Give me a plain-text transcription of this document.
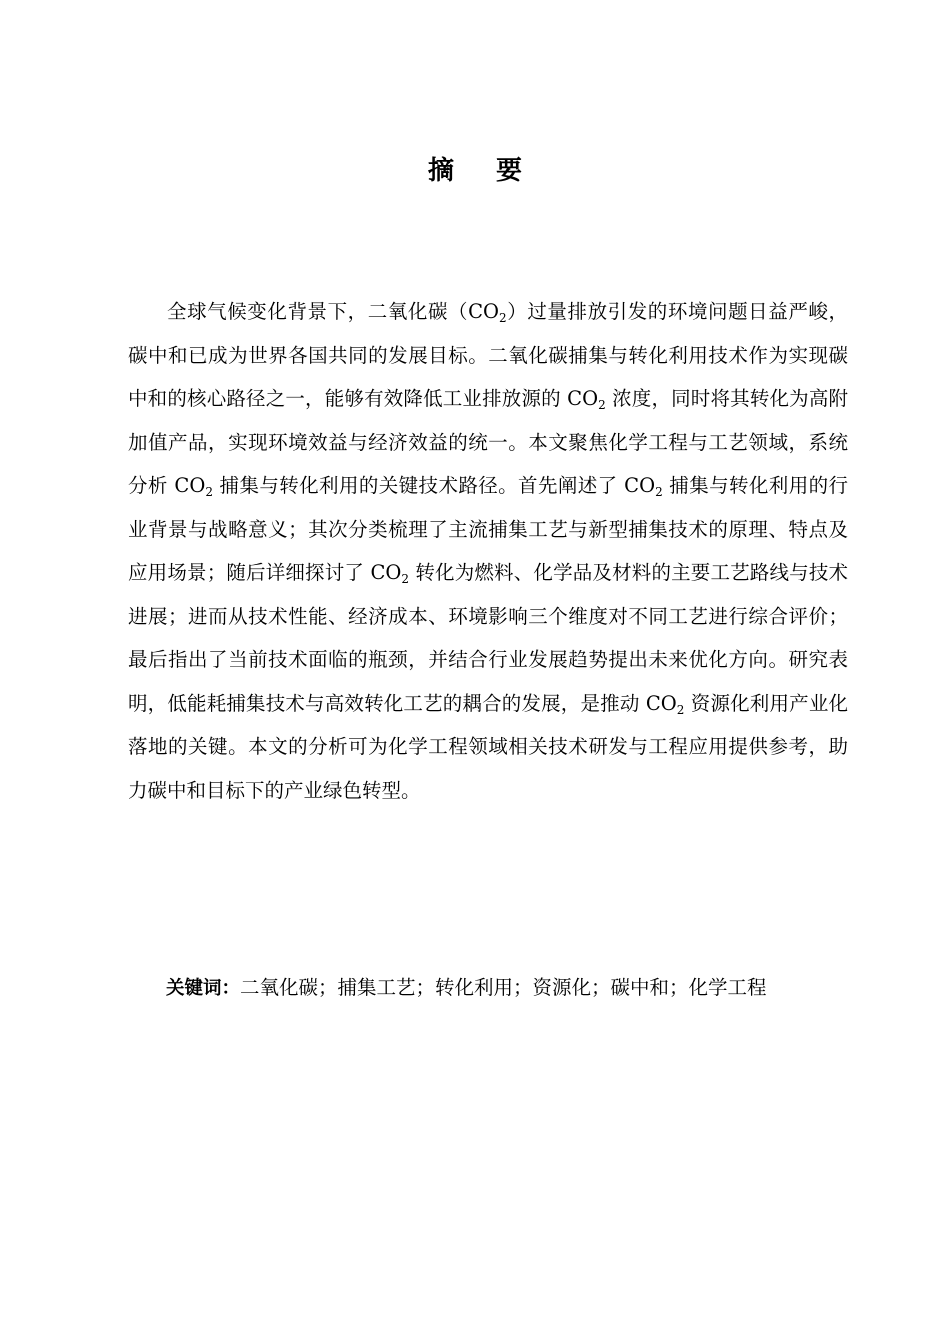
摘 要

全球气候变化背景下，二氧化碳$(CO_2)$过量排放引发的环境问题日益严峻，碳中和已成为世界各国共同的发展目标。二氧化碳捕集与转化利用技术作为实现碳中和的核心路径之一，能够有效降低工业排放源的 $CO_2$ 浓度，同时将其转化为高附加值产品，实现环境效益与经济效益的统一。本文聚焦化学工程与工艺领域，系统分析 $CO_2$ 捕集与转化利用的关键技术路径。首先阐述了 $CO_2$ 捕集与转化利用的行业背景与战略意义；其次分类梳理了主流捕集工艺与新型捕集技术的原理、特点及应用场景；随后详细探讨了 $CO_2$ 转化为燃料、化学品及材料的主要工艺路线与技术进展；进而从技术性能、经济成本、环境影响三个维度对不同工艺进行综合评价；最后指出了当前技术面临的瓶颈，并结合行业发展趋势提出未来优化方向。研究表明，低能耗捕集技术与高效转化工艺的耦合的发展，是推动 $CO_2$ 资源化利用产业化落地的关键。本文的分析可为化学工程领域相关技术研发与工程应用提供参考，助力碳中和目标下的产业绿色转型。

关键词：二氧化碳；捕集工艺；转化利用；资源化；碳中和；化学工程
